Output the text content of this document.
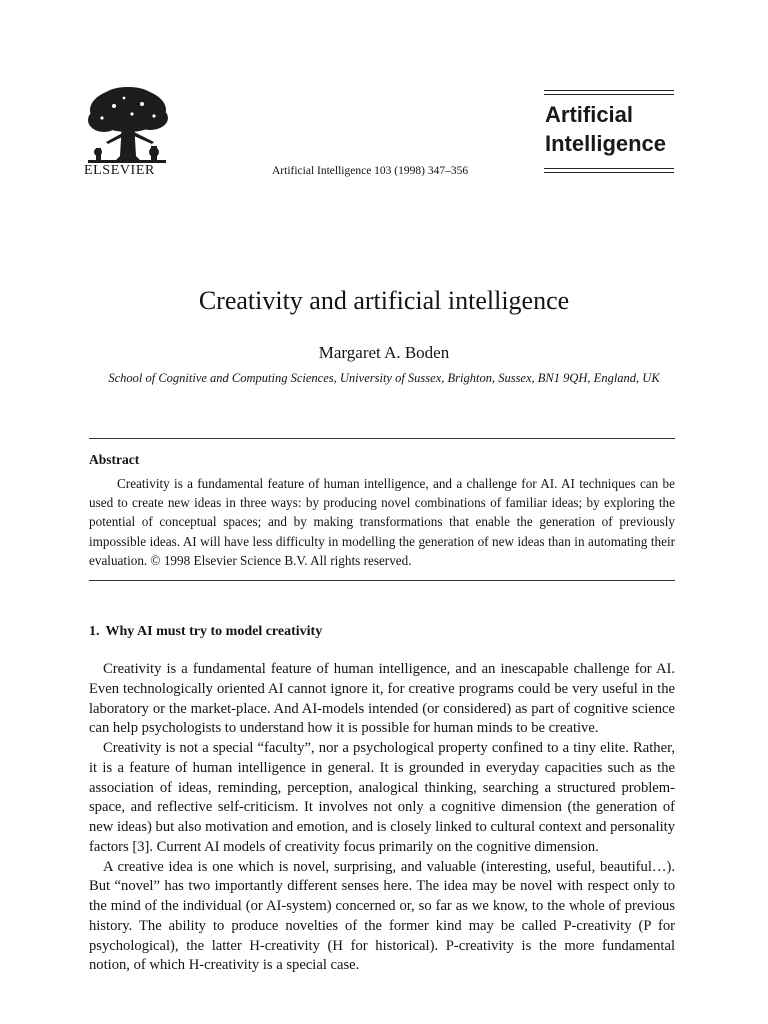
ELSEVIER	Artificial Intelligence 103 (1998) 347–356
Artificial
Intelligence
Creativity and artificial intelligence
Margaret A. Boden
School of Cognitive and Computing Sciences, University of Sussex, Brighton, Sussex, BN1 9QH, England, UK
Abstract

Creativity is a fundamental feature of human intelligence, and a challenge for AI. AI techniques can be used to create new ideas in three ways: by producing novel combinations of familiar ideas; by exploring the potential of conceptual spaces; and by making transformations that enable the generation of previously impossible ideas. AI will have less difficulty in modelling the generation of new ideas than in automating their evaluation. © 1998 Elsevier Science B.V. All rights reserved.

1. Why AI must try to model creativity

Creativity is a fundamental feature of human intelligence, and an inescapable challenge for AI. Even technologically oriented AI cannot ignore it, for creative programs could be very useful in the laboratory or the market-place. And AI-models intended (or considered) as part of cognitive science can help psychologists to understand how it is possible for human minds to be creative.

Creativity is not a special “faculty”, nor a psychological property confined to a tiny elite. Rather, it is a feature of human intelligence in general. It is grounded in everyday capacities such as the association of ideas, reminding, perception, analogical thinking, searching a structured problem-space, and reflective self-criticism. It involves not only a cognitive dimension (the generation of new ideas) but also motivation and emotion, and is closely linked to cultural context and personality factors [3]. Current AI models of creativity focus primarily on the cognitive dimension.

A creative idea is one which is novel, surprising, and valuable (interesting, useful, beautiful…). But “novel” has two importantly different senses here. The idea may be novel with respect only to the mind of the individual (or AI-system) concerned or, so far as we know, to the whole of previous history. The ability to produce novelties of the former kind may be called P-creativity (P for psychological), the latter H-creativity (H for historical). P-creativity is the more fundamental notion, of which H-creativity is a special case.
